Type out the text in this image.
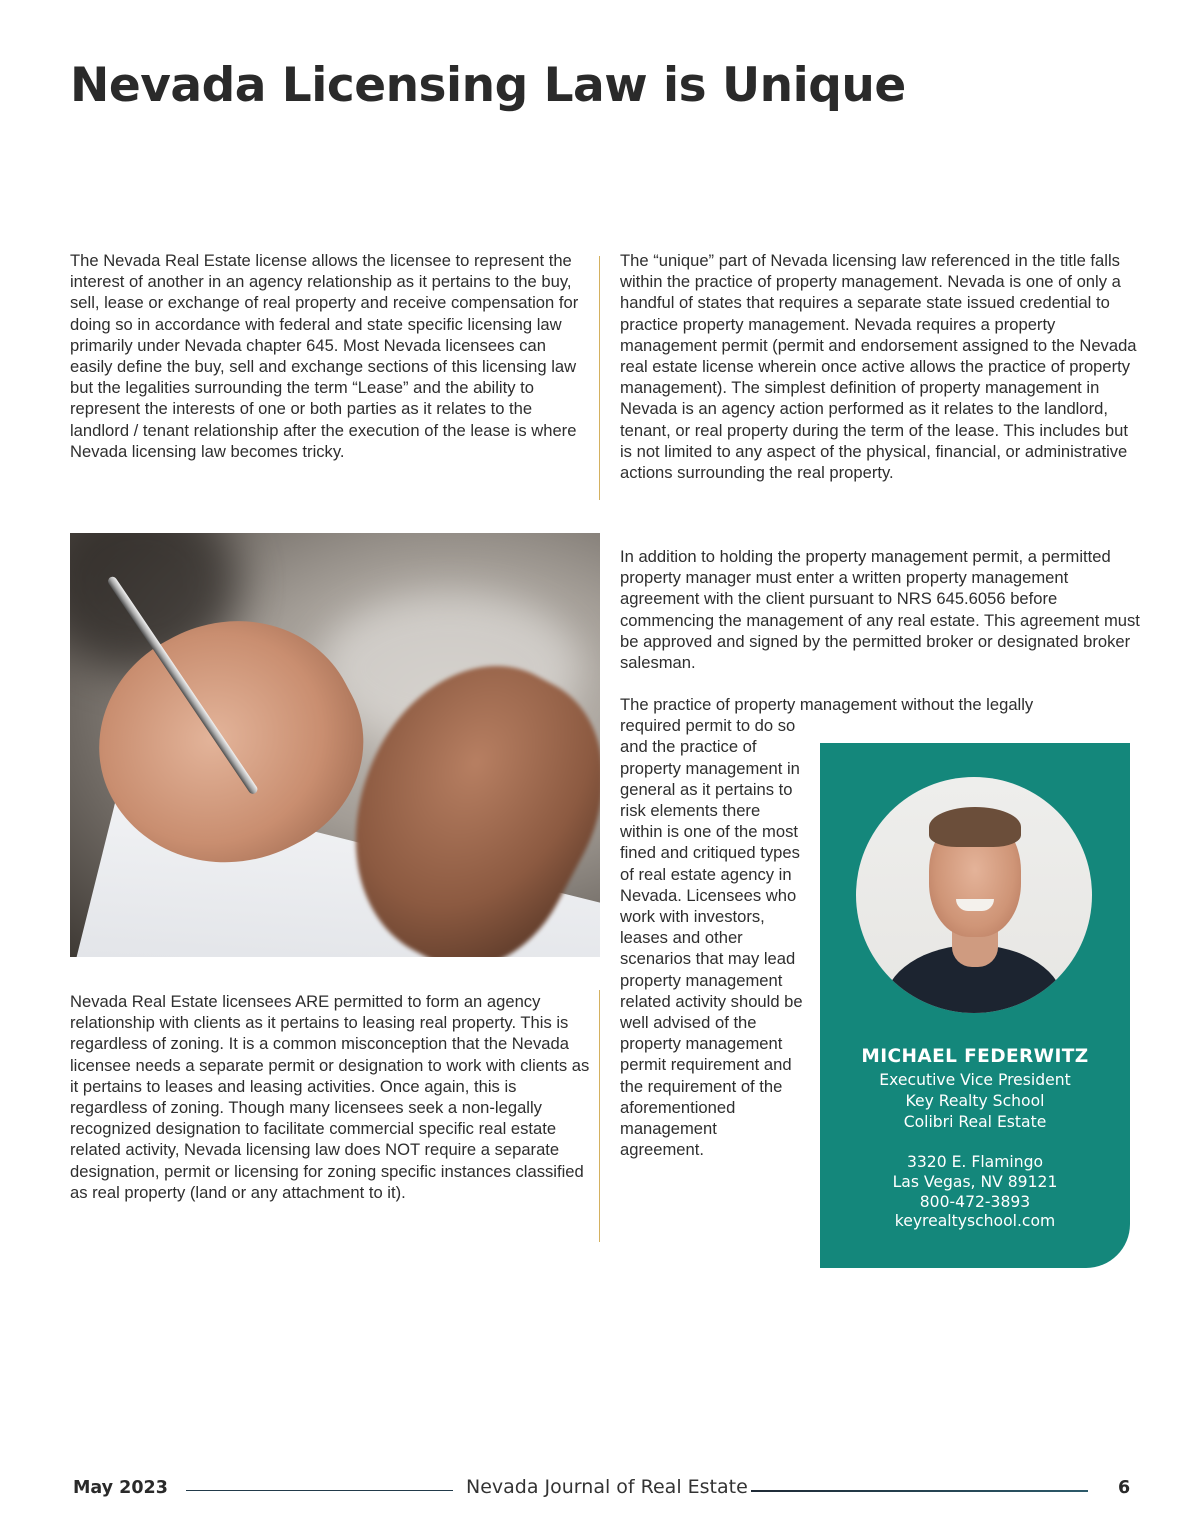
Nevada Licensing Law is Unique

The Nevada Real Estate license allows the licensee to represent the interest of another in an agency relationship as it pertains to the buy, sell, lease or exchange of real property and receive compensation for doing so in accordance with federal and state specific licensing law primarily under Nevada chapter 645. Most Nevada licensees can easily define the buy, sell and exchange sections of this licensing law but the legalities surrounding the term “Lease” and the ability to represent the interests of one or both parties as it relates to the landlord / tenant relationship after the execution of the lease is where Nevada licensing law becomes tricky.

Nevada Real Estate licensees ARE permitted to form an agency relationship with clients as it pertains to leasing real property. This is regardless of zoning. It is a common misconception that the Nevada licensee needs a separate permit or designation to work with clients as it pertains to leases and leasing activities. Once again, this is regardless of zoning. Though many licensees seek a non-legally recognized designation to facilitate commercial specific real estate related activity, Nevada licensing law does NOT require a separate designation, permit or licensing for zoning specific instances classified as real property (land or any attachment to it).

The “unique” part of Nevada licensing law referenced in the title falls within the practice of property management. Nevada is one of only a handful of states that requires a separate state issued credential to practice property management. Nevada requires a property management permit (permit and endorsement assigned to the Nevada real estate license wherein once active allows the practice of property management). The simplest definition of property management in Nevada is an agency action performed as it relates to the landlord, tenant, or real property during the term of the lease. This includes but is not limited to any aspect of the physical, financial, or administrative actions surrounding the real property.

In addition to holding the property management permit, a permitted property manager must enter a written property management agreement with the client pursuant to NRS 645.6056 before commencing the management of any real estate. This agreement must be approved and signed by the permitted broker or designated broker salesman.

The practice of property management without the legally
required permit to do so and the practice of property management in general as it pertains to risk elements there within is one of the most fined and critiqued types of real estate agency in Nevada. Licensees who work with investors, leases and other scenarios that may lead property management related activity should be well advised of the property management permit requirement and the requirement of the aforementioned management agreement.

MICHAEL FEDERWITZ
Executive Vice President
Key Realty School
Colibri Real Estate
3320 E. Flamingo
Las Vegas, NV 89121
800-472-3893
keyrealtyschool.com
May 2023	Nevada Journal of Real Estate	6
